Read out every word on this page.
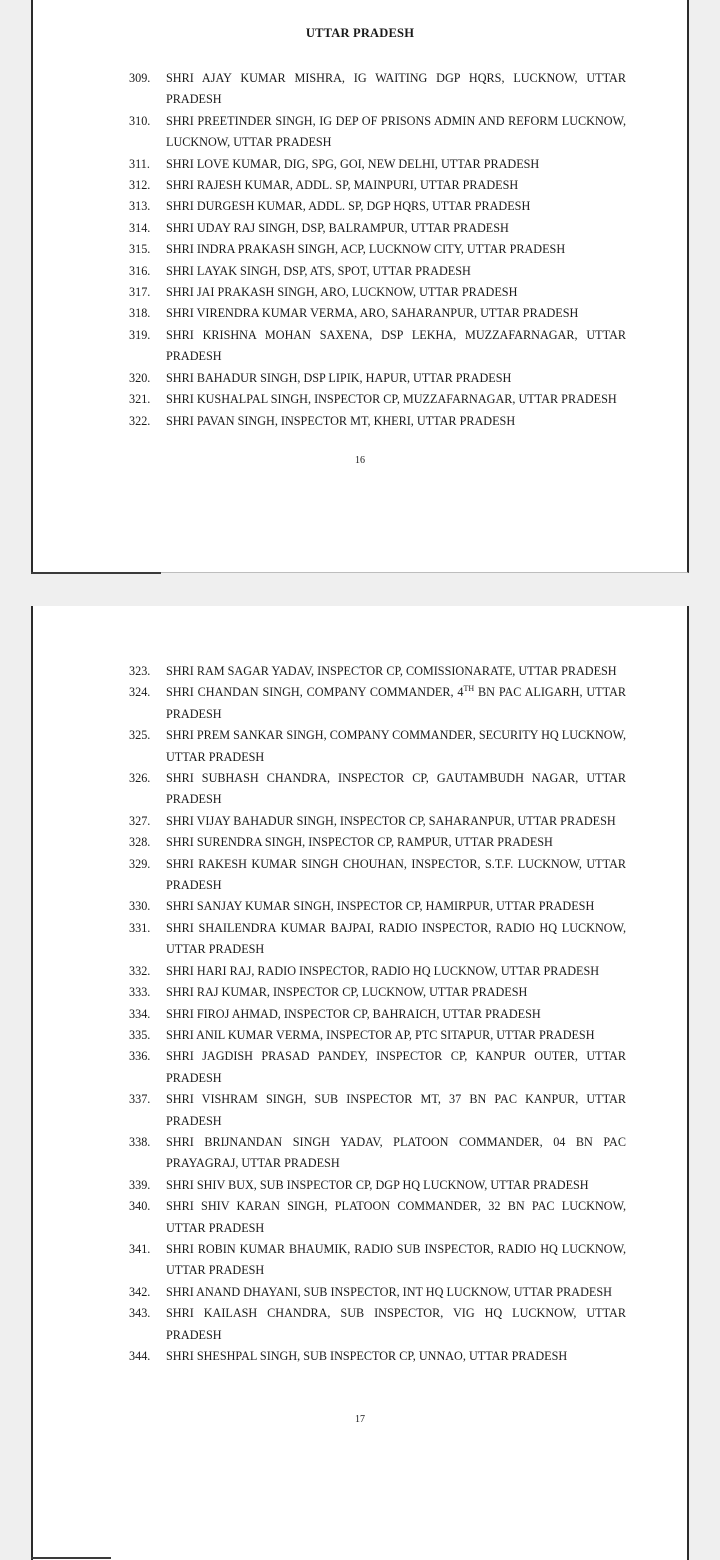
UTTAR PRADESH
309. SHRI AJAY KUMAR MISHRA, IG WAITING DGP HQRS, LUCKNOW, UTTAR PRADESH
310. SHRI PREETINDER SINGH, IG DEP OF PRISONS ADMIN AND REFORM LUCKNOW, LUCKNOW, UTTAR PRADESH
311. SHRI LOVE KUMAR, DIG, SPG, GOI, NEW DELHI, UTTAR PRADESH
312. SHRI RAJESH KUMAR, ADDL. SP, MAINPURI, UTTAR PRADESH
313. SHRI DURGESH KUMAR, ADDL. SP, DGP HQRS, UTTAR PRADESH
314. SHRI UDAY RAJ SINGH, DSP, BALRAMPUR, UTTAR PRADESH
315. SHRI INDRA PRAKASH SINGH, ACP, LUCKNOW CITY, UTTAR PRADESH
316. SHRI LAYAK SINGH, DSP, ATS, SPOT, UTTAR PRADESH
317. SHRI JAI PRAKASH SINGH, ARO, LUCKNOW, UTTAR PRADESH
318. SHRI VIRENDRA KUMAR VERMA, ARO, SAHARANPUR, UTTAR PRADESH
319. SHRI KRISHNA MOHAN SAXENA, DSP LEKHA, MUZZAFARNAGAR, UTTAR PRADESH
320. SHRI BAHADUR SINGH, DSP LIPIK, HAPUR, UTTAR PRADESH
321. SHRI KUSHALPAL SINGH, INSPECTOR CP, MUZZAFARNAGAR, UTTAR PRADESH
322. SHRI PAVAN SINGH, INSPECTOR MT, KHERI, UTTAR PRADESH
16
323. SHRI RAM SAGAR YADAV, INSPECTOR CP, COMISSIONARATE, UTTAR PRADESH
324. SHRI CHANDAN SINGH, COMPANY COMMANDER, 4TH BN PAC ALIGARH, UTTAR PRADESH
325. SHRI PREM SANKAR SINGH, COMPANY COMMANDER, SECURITY HQ LUCKNOW, UTTAR PRADESH
326. SHRI SUBHASH CHANDRA, INSPECTOR CP, GAUTAMBUDH NAGAR, UTTAR PRADESH
327. SHRI VIJAY BAHADUR SINGH, INSPECTOR CP, SAHARANPUR, UTTAR PRADESH
328. SHRI SURENDRA SINGH, INSPECTOR CP, RAMPUR, UTTAR PRADESH
329. SHRI RAKESH KUMAR SINGH CHOUHAN, INSPECTOR, S.T.F. LUCKNOW, UTTAR PRADESH
330. SHRI SANJAY KUMAR SINGH, INSPECTOR CP, HAMIRPUR, UTTAR PRADESH
331. SHRI SHAILENDRA KUMAR BAJPAI, RADIO INSPECTOR, RADIO HQ LUCKNOW, UTTAR PRADESH
332. SHRI HARI RAJ, RADIO INSPECTOR, RADIO HQ LUCKNOW, UTTAR PRADESH
333. SHRI RAJ KUMAR, INSPECTOR CP, LUCKNOW, UTTAR PRADESH
334. SHRI FIROJ AHMAD, INSPECTOR CP, BAHRAICH, UTTAR PRADESH
335. SHRI ANIL KUMAR VERMA, INSPECTOR AP, PTC SITAPUR, UTTAR PRADESH
336. SHRI JAGDISH PRASAD PANDEY, INSPECTOR CP, KANPUR OUTER, UTTAR PRADESH
337. SHRI VISHRAM SINGH, SUB INSPECTOR MT, 37 BN PAC KANPUR, UTTAR PRADESH
338. SHRI BRIJNANDAN SINGH YADAV, PLATOON COMMANDER, 04 BN PAC PRAYAGRAJ, UTTAR PRADESH
339. SHRI SHIV BUX, SUB INSPECTOR CP, DGP HQ LUCKNOW, UTTAR PRADESH
340. SHRI SHIV KARAN SINGH, PLATOON COMMANDER, 32 BN PAC LUCKNOW, UTTAR PRADESH
341. SHRI ROBIN KUMAR BHAUMIK, RADIO SUB INSPECTOR, RADIO HQ LUCKNOW, UTTAR PRADESH
342. SHRI ANAND DHAYANI, SUB INSPECTOR, INT HQ LUCKNOW, UTTAR PRADESH
343. SHRI KAILASH CHANDRA, SUB INSPECTOR, VIG HQ LUCKNOW, UTTAR PRADESH
344. SHRI SHESHPAL SINGH, SUB INSPECTOR CP, UNNAO, UTTAR PRADESH
17
